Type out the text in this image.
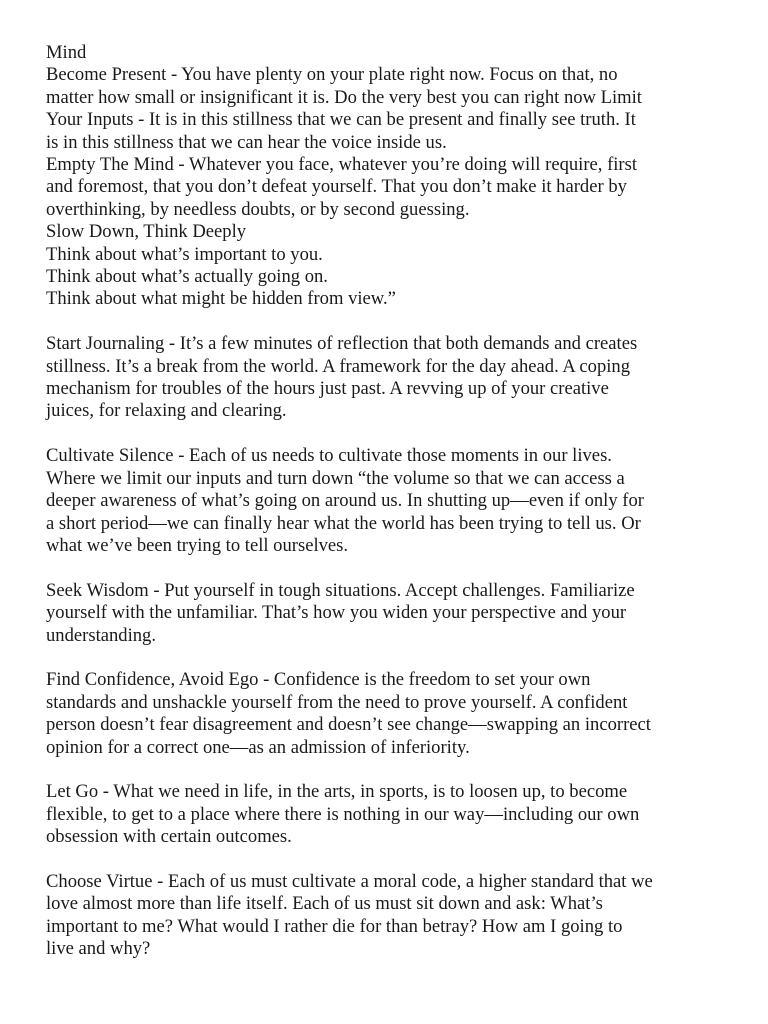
Mind
Become Present - You have plenty on your plate right now. Focus on that, no
matter how small or insignificant it is. Do the very best you can right now Limit
Your Inputs - It is in this stillness that we can be present and finally see truth. It
is in this stillness that we can hear the voice inside us.
Empty The Mind - Whatever you face, whatever you’re doing will require, first
and foremost, that you don’t defeat yourself. That you don’t make it harder by
overthinking, by needless doubts, or by second guessing.
Slow Down, Think Deeply
Think about what’s important to you.
Think about what’s actually going on.
Think about what might be hidden from view.”
Start Journaling - It’s a few minutes of reflection that both demands and creates
stillness. It’s a break from the world. A framework for the day ahead. A coping
mechanism for troubles of the hours just past. A revving up of your creative
juices, for relaxing and clearing.
Cultivate Silence - Each of us needs to cultivate those moments in our lives.
Where we limit our inputs and turn down “the volume so that we can access a
deeper awareness of what’s going on around us. In shutting up—even if only for
a short period—we can finally hear what the world has been trying to tell us. Or
what we’ve been trying to tell ourselves.
Seek Wisdom - Put yourself in tough situations. Accept challenges. Familiarize
yourself with the unfamiliar. That’s how you widen your perspective and your
understanding.
Find Confidence, Avoid Ego - Confidence is the freedom to set your own
standards and unshackle yourself from the need to prove yourself. A confident
person doesn’t fear disagreement and doesn’t see change—swapping an incorrect
opinion for a correct one—as an admission of inferiority.
Let Go - What we need in life, in the arts, in sports, is to loosen up, to become
flexible, to get to a place where there is nothing in our way—including our own
obsession with certain outcomes.
Choose Virtue - Each of us must cultivate a moral code, a higher standard that we
love almost more than life itself. Each of us must sit down and ask: What’s
important to me? What would I rather die for than betray? How am I going to
live and why?
